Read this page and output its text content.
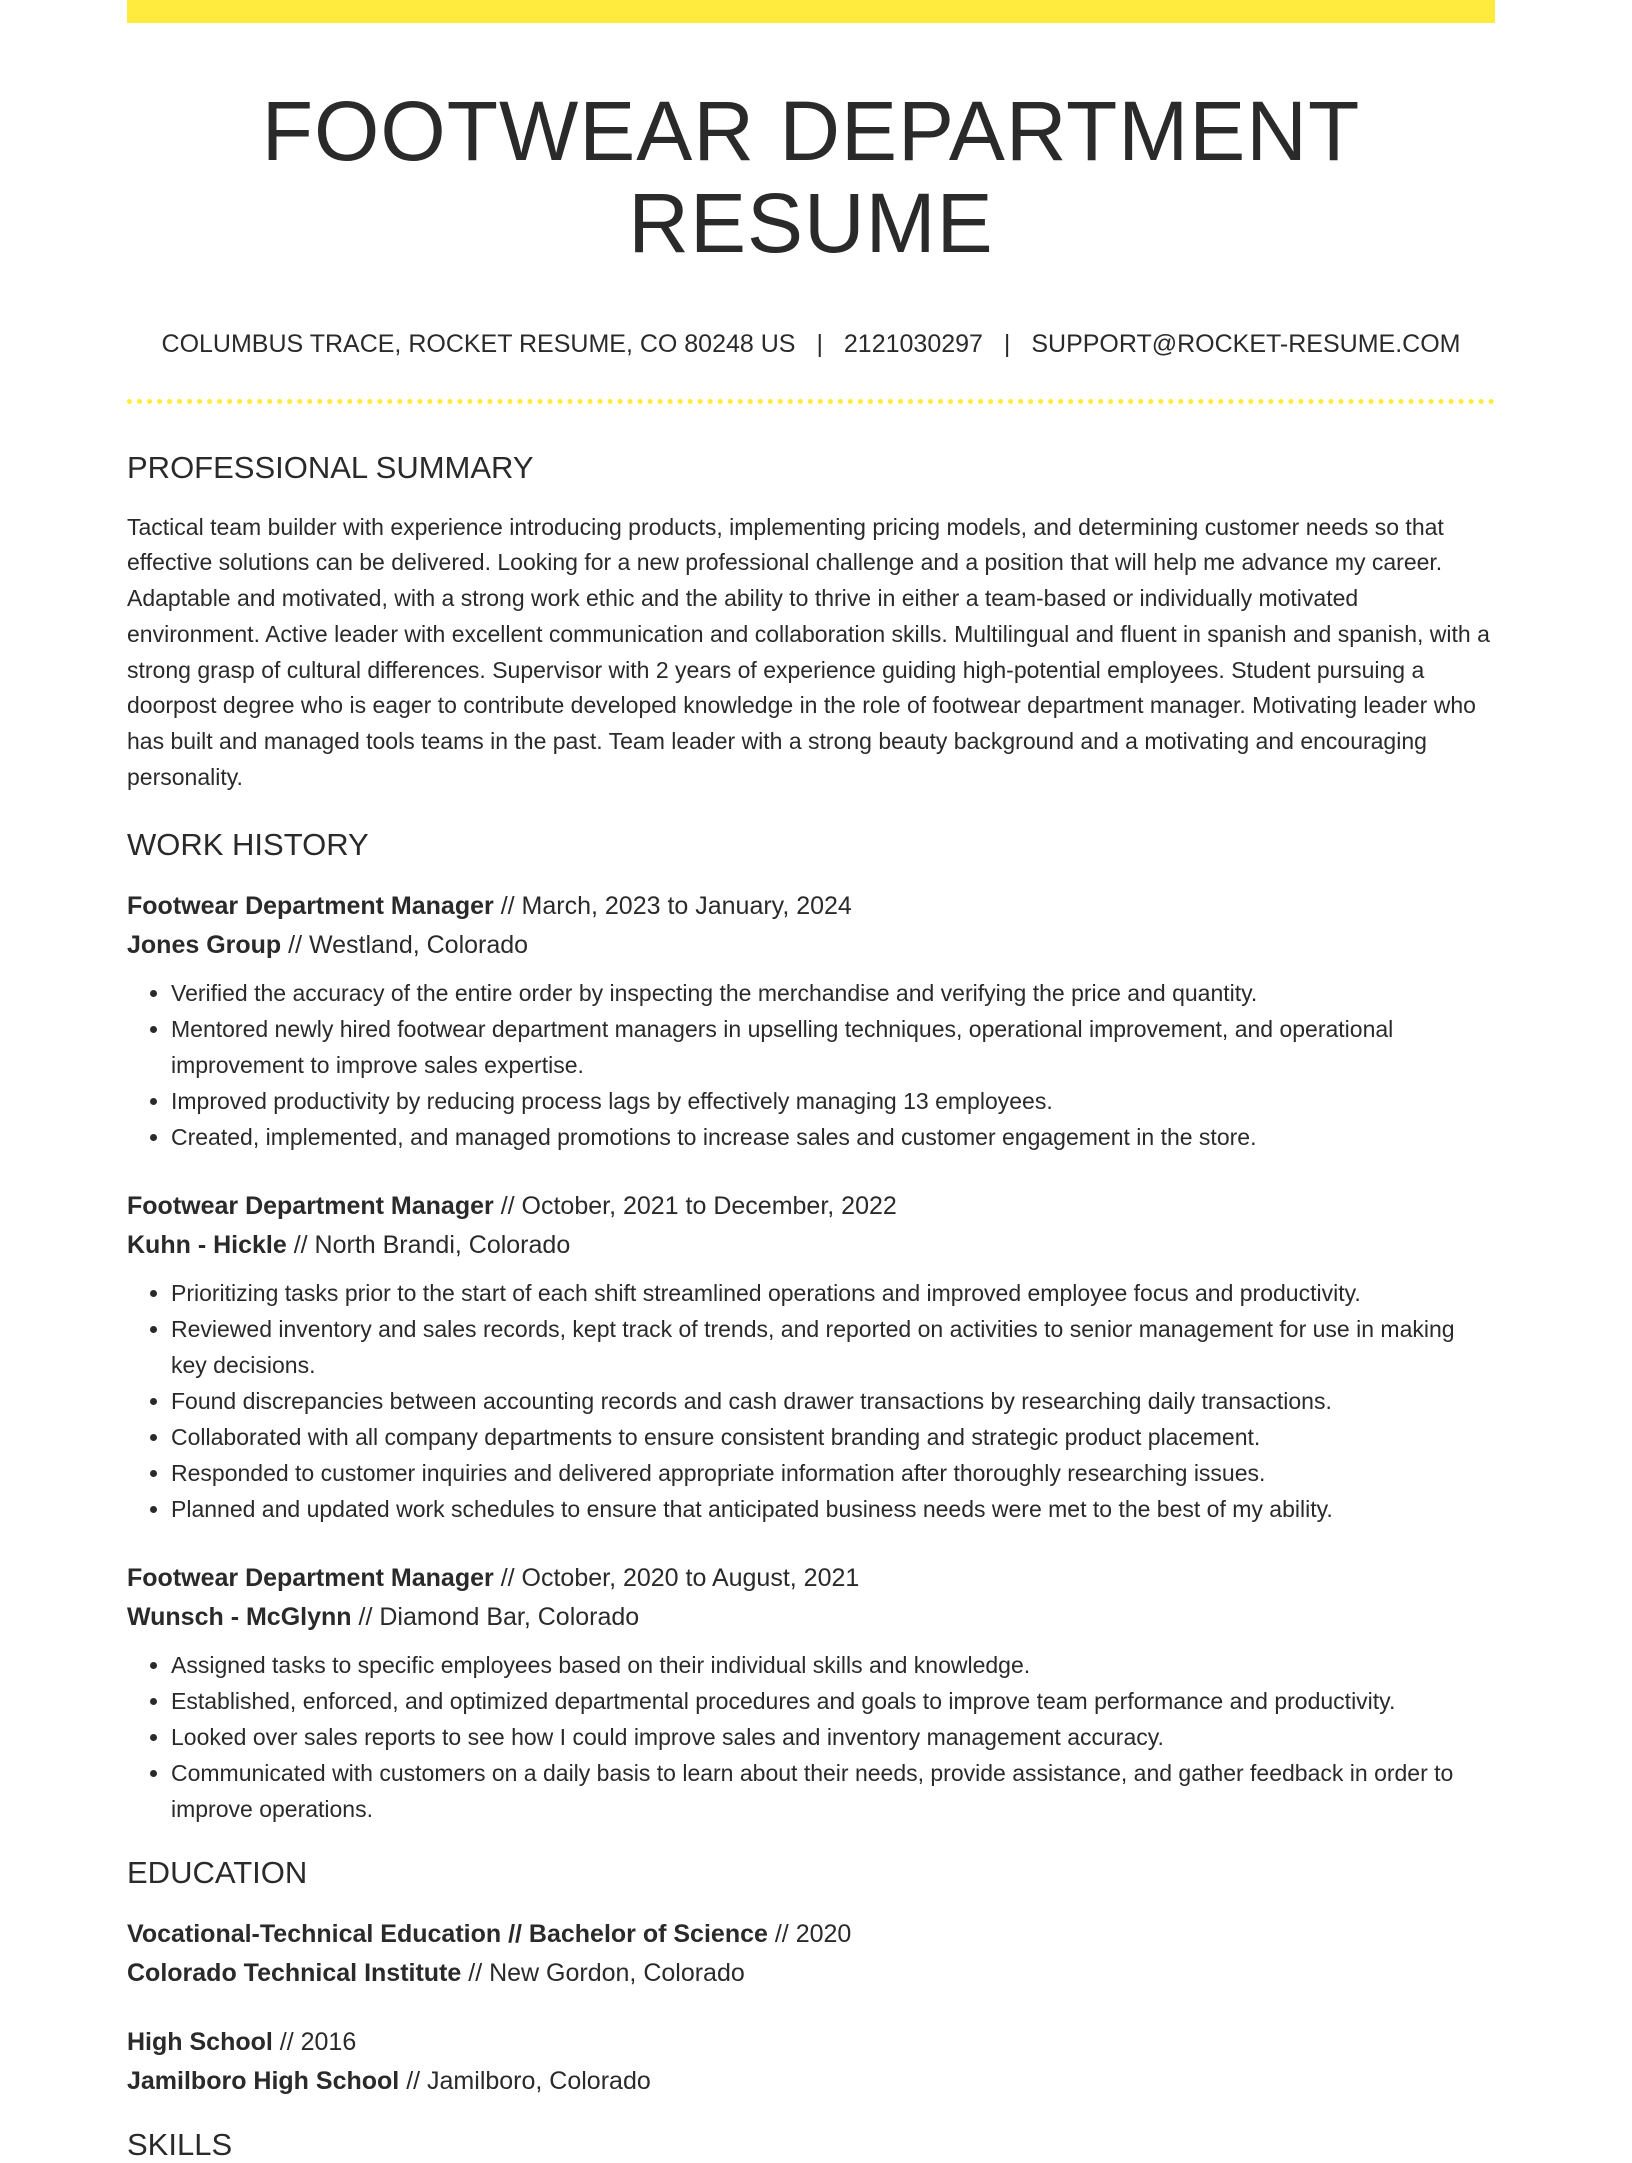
FOOTWEAR DEPARTMENT RESUME
COLUMBUS TRACE, ROCKET RESUME, CO 80248 US | 2121030297 | SUPPORT@ROCKET-RESUME.COM
PROFESSIONAL SUMMARY
Tactical team builder with experience introducing products, implementing pricing models, and determining customer needs so that effective solutions can be delivered. Looking for a new professional challenge and a position that will help me advance my career. Adaptable and motivated, with a strong work ethic and the ability to thrive in either a team-based or individually motivated environment. Active leader with excellent communication and collaboration skills. Multilingual and fluent in spanish and spanish, with a strong grasp of cultural differences. Supervisor with 2 years of experience guiding high-potential employees. Student pursuing a doorpost degree who is eager to contribute developed knowledge in the role of footwear department manager. Motivating leader who has built and managed tools teams in the past. Team leader with a strong beauty background and a motivating and encouraging personality.
WORK HISTORY
Footwear Department Manager // March, 2023 to January, 2024
Jones Group // Westland, Colorado
• Verified the accuracy of the entire order by inspecting the merchandise and verifying the price and quantity.
• Mentored newly hired footwear department managers in upselling techniques, operational improvement, and operational improvement to improve sales expertise.
• Improved productivity by reducing process lags by effectively managing 13 employees.
• Created, implemented, and managed promotions to increase sales and customer engagement in the store.
Footwear Department Manager // October, 2021 to December, 2022
Kuhn - Hickle // North Brandi, Colorado
• Prioritizing tasks prior to the start of each shift streamlined operations and improved employee focus and productivity.
• Reviewed inventory and sales records, kept track of trends, and reported on activities to senior management for use in making key decisions.
• Found discrepancies between accounting records and cash drawer transactions by researching daily transactions.
• Collaborated with all company departments to ensure consistent branding and strategic product placement.
• Responded to customer inquiries and delivered appropriate information after thoroughly researching issues.
• Planned and updated work schedules to ensure that anticipated business needs were met to the best of my ability.
Footwear Department Manager // October, 2020 to August, 2021
Wunsch - McGlynn // Diamond Bar, Colorado
• Assigned tasks to specific employees based on their individual skills and knowledge.
• Established, enforced, and optimized departmental procedures and goals to improve team performance and productivity.
• Looked over sales reports to see how I could improve sales and inventory management accuracy.
• Communicated with customers on a daily basis to learn about their needs, provide assistance, and gather feedback in order to improve operations.
EDUCATION
Vocational-Technical Education // Bachelor of Science // 2020
Colorado Technical Institute // New Gordon, Colorado
High School // 2016
Jamilboro High School // Jamilboro, Colorado
SKILLS
